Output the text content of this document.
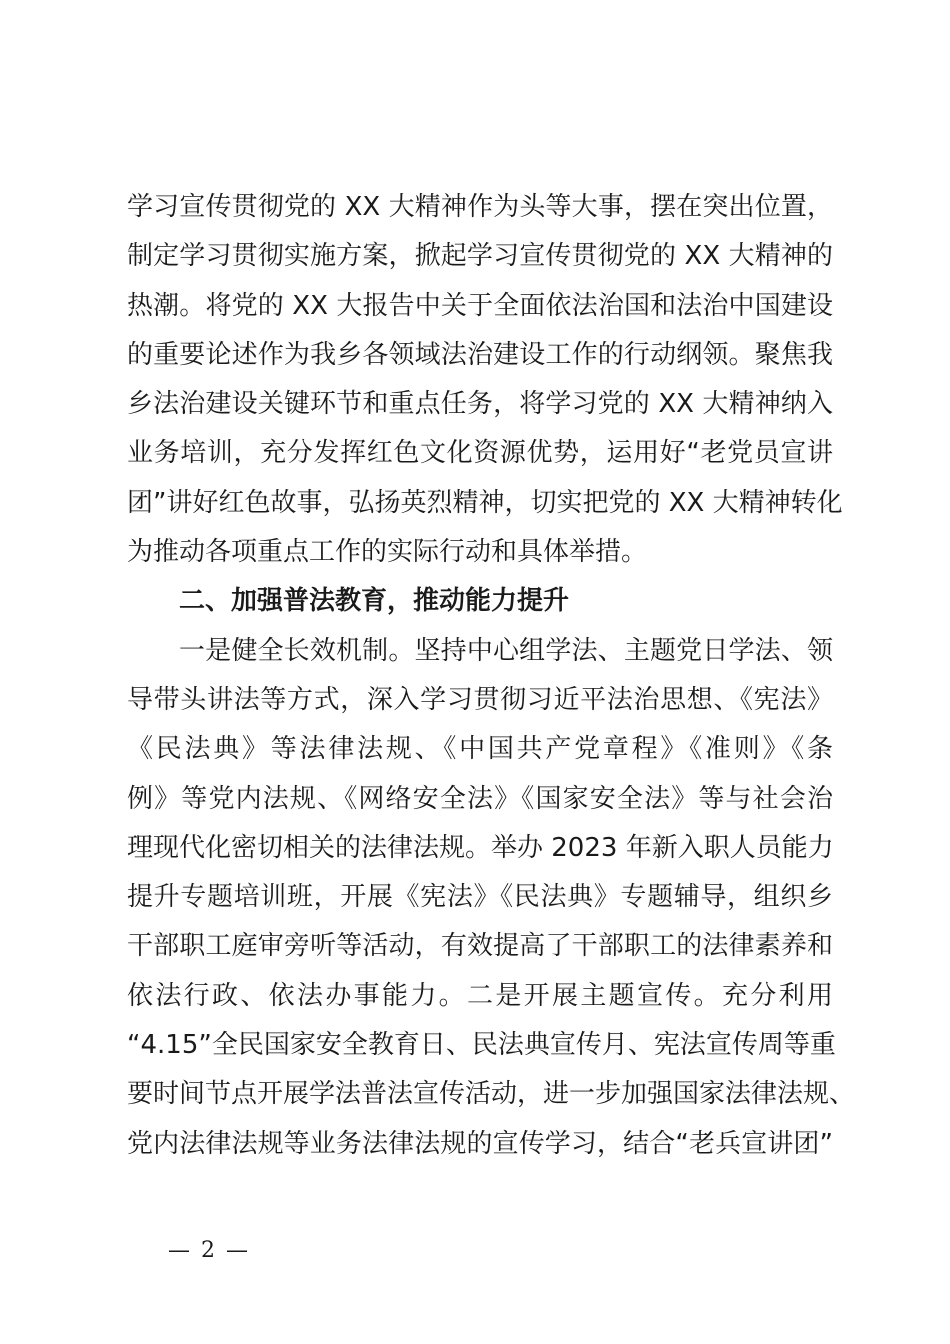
学习宣传贯彻党的 XX 大精神作为头等大事，摆在突出位置，
制定学习贯彻实施方案，掀起学习宣传贯彻党的 XX 大精神的
热潮。将党的 XX 大报告中关于全面依法治国和法治中国建设
的重要论述作为我乡各领域法治建设工作的行动纲领。聚焦我
乡法治建设关键环节和重点任务，将学习党的 XX 大精神纳入
业务培训，充分发挥红色文化资源优势，运用好“老党员宣讲
团”讲好红色故事，弘扬英烈精神，切实把党的 XX 大精神转化
为推动各项重点工作的实际行动和具体举措。
二、加强普法教育，推动能力提升
一是健全长效机制。坚持中心组学法、主题党日学法、领
导带头讲法等方式，深入学习贯彻习近平法治思想、《宪法》
《民法典》等法律法规、《中国共产党章程》《准则》《条
例》等党内法规、《网络安全法》《国家安全法》等与社会治
理现代化密切相关的法律法规。举办 2023 年新入职人员能力
提升专题培训班，开展《宪法》《民法典》专题辅导，组织乡
干部职工庭审旁听等活动，有效提高了干部职工的法律素养和
依法行政、依法办事能力。二是开展主题宣传。充分利用
“4.15”全民国家安全教育日、民法典宣传月、宪法宣传周等重
要时间节点开展学法普法宣传活动，进一步加强国家法律法规、
党内法律法规等业务法律法规的宣传学习，结合“老兵宣讲团”
— 2 —
